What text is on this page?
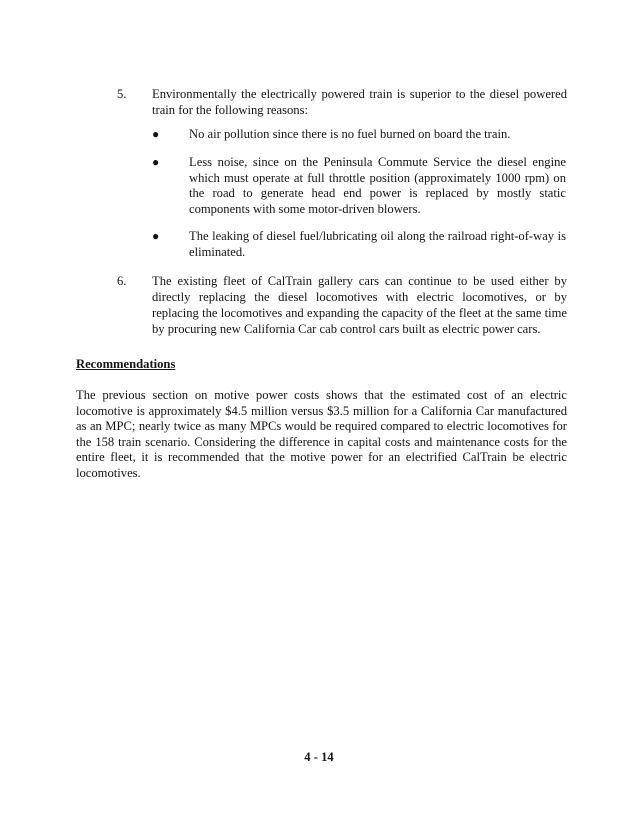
5. Environmentally the electrically powered train is superior to the diesel powered train for the following reasons:
● No air pollution since there is no fuel burned on board the train.
● Less noise, since on the Peninsula Commute Service the diesel engine which must operate at full throttle position (approximately 1000 rpm) on the road to generate head end power is replaced by mostly static components with some motor-driven blowers.
● The leaking of diesel fuel/lubricating oil along the railroad right-of-way is eliminated.
6. The existing fleet of CalTrain gallery cars can continue to be used either by directly replacing the diesel locomotives with electric locomotives, or by replacing the locomotives and expanding the capacity of the fleet at the same time by procuring new California Car cab control cars built as electric power cars.
Recommendations

The previous section on motive power costs shows that the estimated cost of an electric locomotive is approximately $4.5 million versus $3.5 million for a California Car manufactured as an MPC; nearly twice as many MPCs would be required compared to electric locomotives for the 158 train scenario. Considering the difference in capital costs and maintenance costs for the entire fleet, it is recommended that the motive power for an electrified CalTrain be electric locomotives.

4 - 14
